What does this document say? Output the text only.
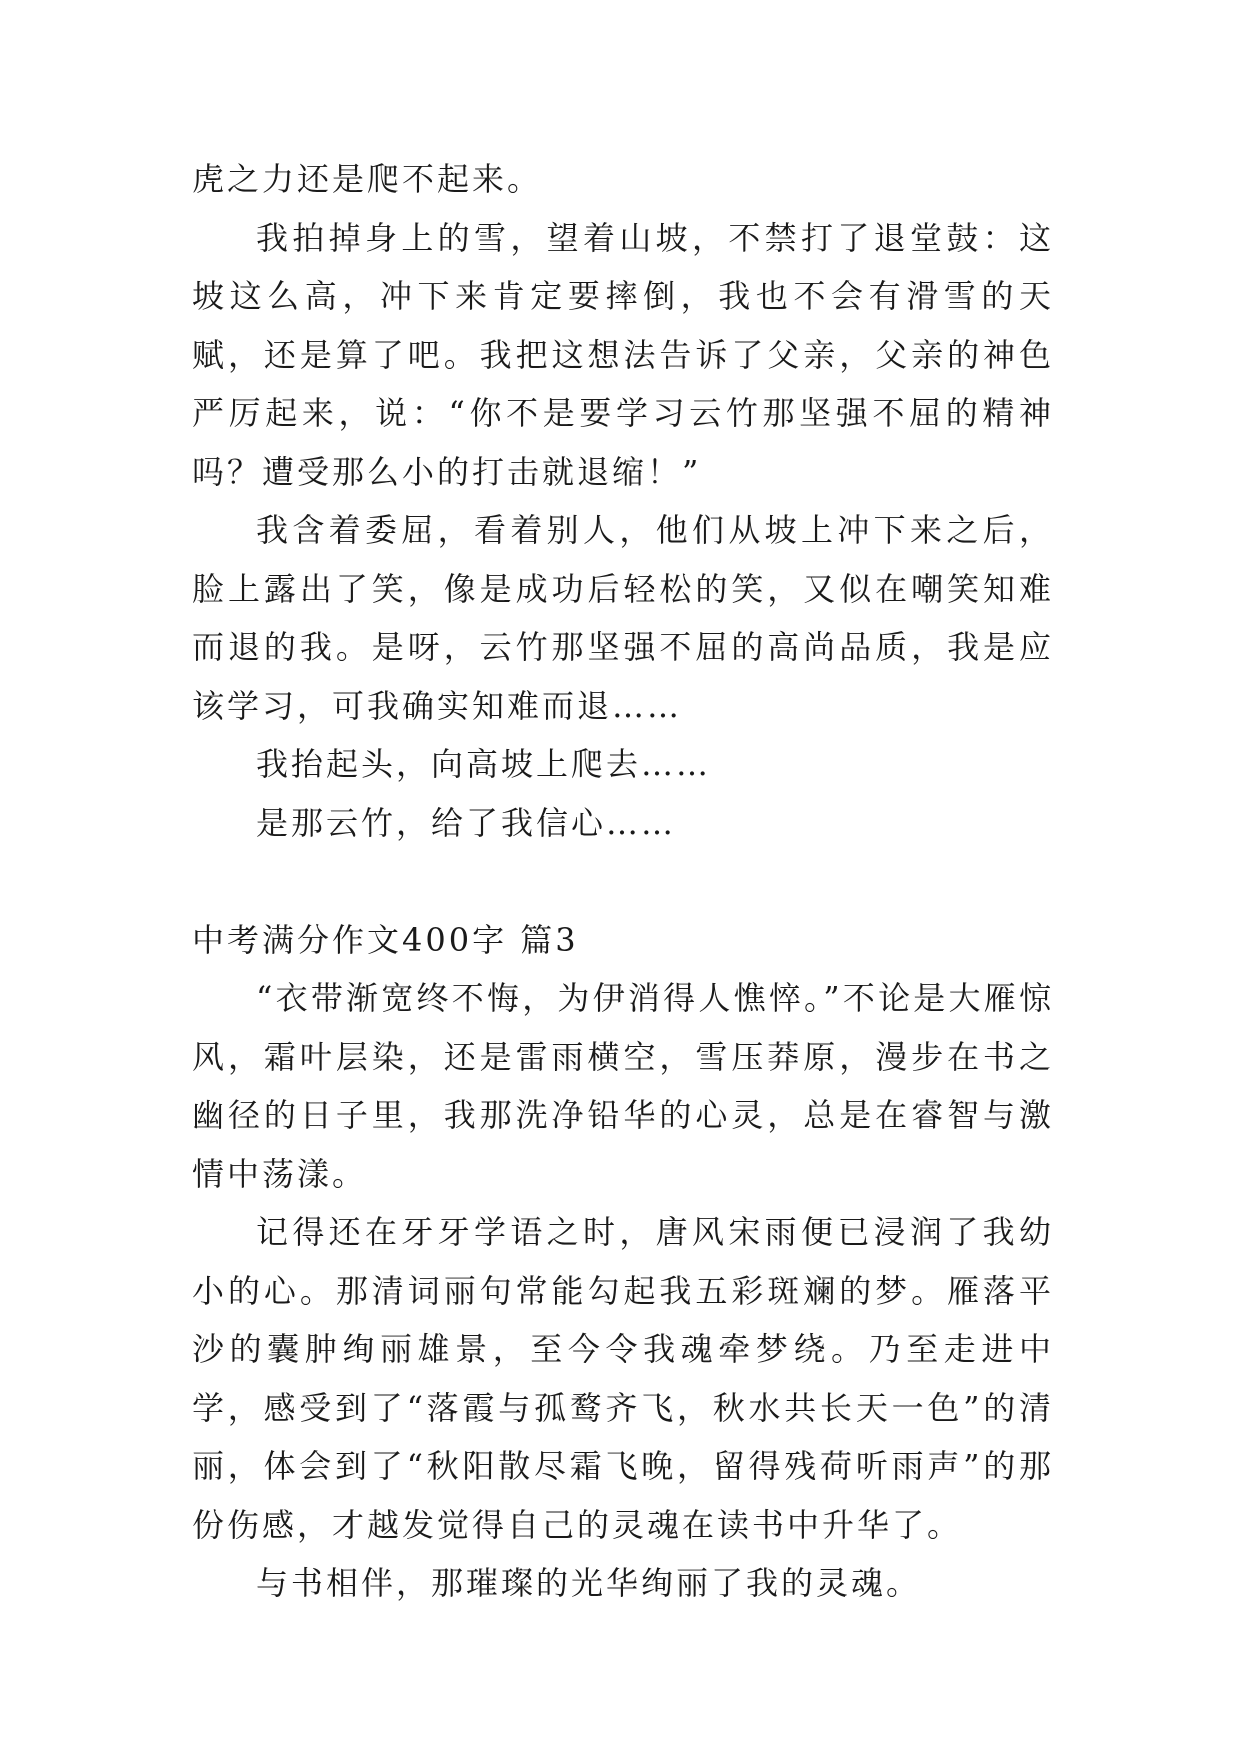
虎之力还是爬不起来。

我拍掉身上的雪，望着山坡，不禁打了退堂鼓：这坡这么高，冲下来肯定要摔倒，我也不会有滑雪的天赋，还是算了吧。我把这想法告诉了父亲，父亲的神色严厉起来，说：“你不是要学习云竹那坚强不屈的精神吗？遭受那么小的打击就退缩！”

我含着委屈，看着别人，他们从坡上冲下来之后，脸上露出了笑，像是成功后轻松的笑，又似在嘲笑知难而退的我。是呀，云竹那坚强不屈的高尚品质，我是应该学习，可我确实知难而退……

我抬起头，向高坡上爬去……

是那云竹，给了我信心……

中考满分作文400字 篇3

“衣带渐宽终不悔，为伊消得人憔悴。”不论是大雁惊风，霜叶层染，还是雷雨横空，雪压莽原，漫步在书之幽径的日子里，我那洗净铅华的心灵，总是在睿智与激情中荡漾。

记得还在牙牙学语之时，唐风宋雨便已浸润了我幼小的心。那清词丽句常能勾起我五彩斑斓的梦。雁落平沙的囊肿绚丽雄景，至今令我魂牵梦绕。乃至走进中学，感受到了“落霞与孤鹜齐飞，秋水共长天一色”的清丽，体会到了“秋阳散尽霜飞晚，留得残荷听雨声”的那份伤感，才越发觉得自己的灵魂在读书中升华了。

与书相伴，那璀璨的光华绚丽了我的灵魂。
